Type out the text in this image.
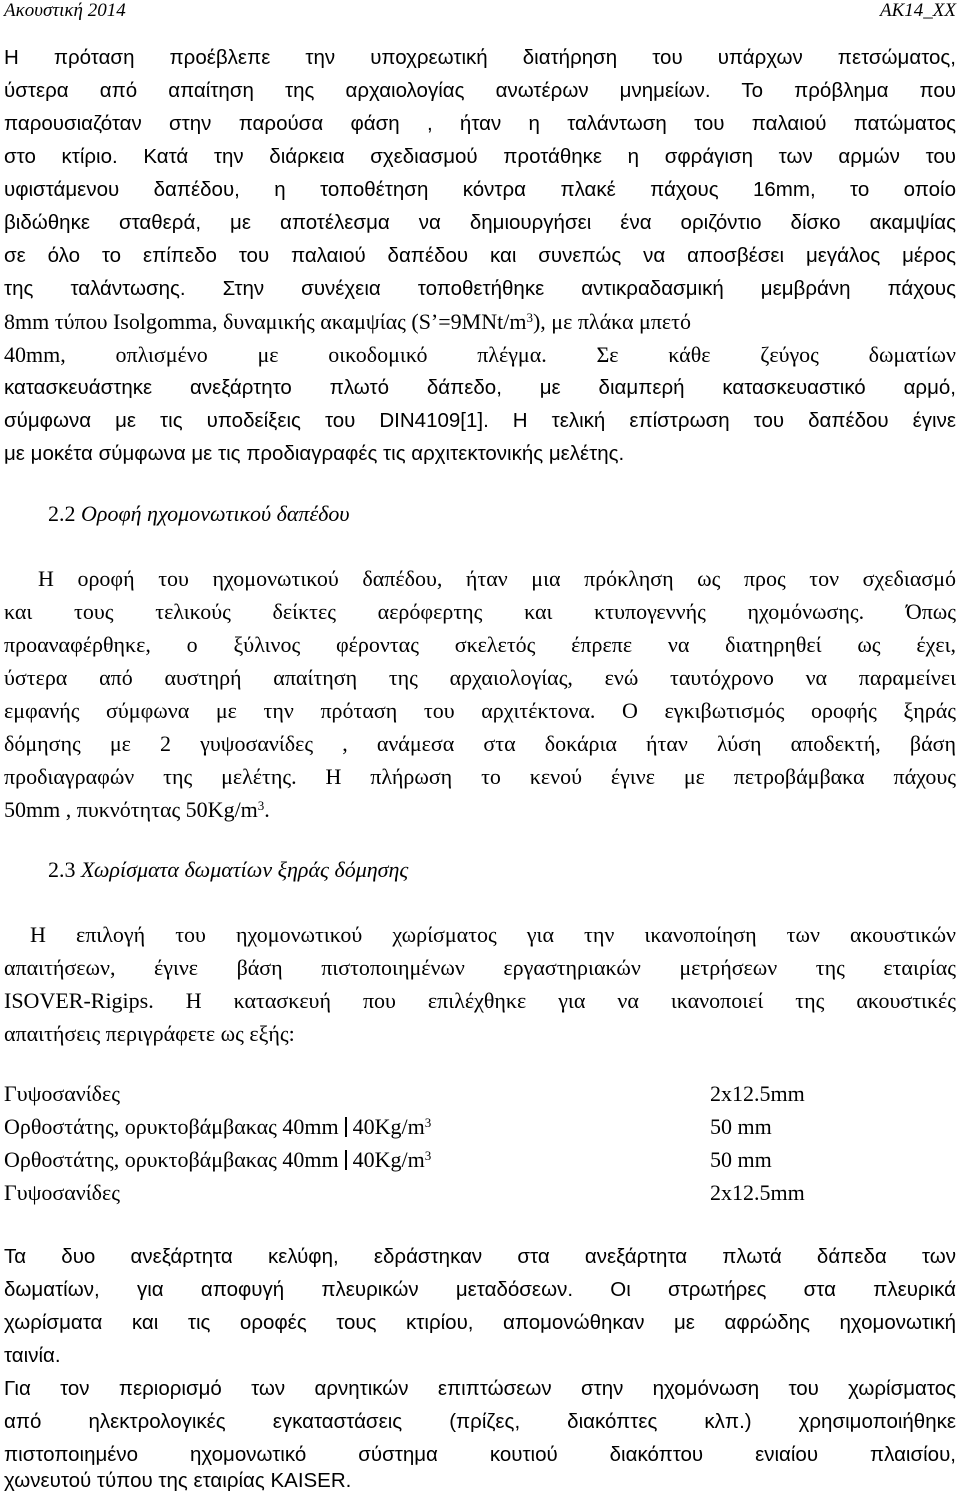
Ακουστική 2014	ΑΚ14_XX
Η πρόταση προέβλεπε την υποχρεωτική διατήρηση του υπάρχων πετσώματος,
ύστερα από απαίτηση της αρχαιολογίας ανωτέρων μνημείων. Το πρόβλημα που
παρουσιαζόταν στην παρούσα φάση , ήταν η ταλάντωση του παλαιού πατώματος
στο κτίριο. Κατά την διάρκεια σχεδιασμού προτάθηκε η σφράγιση των αρμών του
υφιστάμενου δαπέδου, η τοποθέτηση κόντρα πλακέ πάχους 16mm, το οποίο
βιδώθηκε σταθερά, με αποτέλεσμα να δημιουργήσει ένα οριζόντιο δίσκο ακαμψίας
σε όλο το επίπεδο του παλαιού δαπέδου και συνεπώς να αποσβέσει μεγάλος μέρος
της ταλάντωσης. Στην συνέχεια τοποθετήθηκε αντικραδασμική μεμβράνη πάχους
8mm τύπου Isolgomma, δυναμικής ακαμψίας $(S’=9MNt/m^3)$, με πλάκα μπετό
40mm, οπλισμένο με οικοδομικό πλέγμα. Σε κάθε ζεύγος δωματίων
κατασκευάστηκε ανεξάρτητο πλωτό δάπεδο, με διαμπερή κατασκευαστικό αρμό,
σύμφωνα με τις υποδείξεις του DIN4109[1]. Η τελική επίστρωση του δαπέδου έγινε
με μοκέτα σύμφωνα με τις προδιαγραφές τις αρχιτεκτονικής μελέτης.
2.2 Οροφή ηχομονωτικού δαπέδου
Η οροφή του ηχομονωτικού δαπέδου, ήταν μια πρόκληση ως προς τον σχεδιασμό
και τους τελικούς δείκτες αερόφερτης και κτυπογεννής ηχομόνωσης. Όπως
προαναφέρθηκε, ο ξύλινος φέροντας σκελετός έπρεπε να διατηρηθεί ως έχει,
ύστερα από αυστηρή απαίτηση της αρχαιολογίας, ενώ ταυτόχρονο να παραμείνει
εμφανής σύμφωνα με την πρόταση του αρχιτέκτονα. Ο εγκιβωτισμός οροφής ξηράς
δόμησης με 2 γυψοσανίδες , ανάμεσα στα δοκάρια ήταν λύση αποδεκτή, βάση
προδιαγραφών της μελέτης. Η πλήρωση το κενού έγινε με πετροβάμβακα πάχους
50mm , πυκνότητας $50Kg/m^3$.
2.3 Χωρίσματα δωματίων ξηράς δόμησης
Η επιλογή του ηχομονωτικού χωρίσματος για την ικανοποίηση των ακουστικών
απαιτήσεων, έγινε βάση πιστοποιημένων εργαστηριακών μετρήσεων της εταιρίας
ISOVER-Rigips. Η κατασκευή που επιλέχθηκε για να ικανοποιεί της ακουστικές
απαιτήσεις περιγράφετε ως εξής:
Γυψοσανίδες	2x12.5mm
Ορθοστάτης, ορυκτοβάμβακας 40mm $40Kg/m^3$	50 mm
Ορθοστάτης, ορυκτοβάμβακας 40mm $40Kg/m^3$	50 mm
Γυψοσανίδες	2x12.5mm
Τα δυο ανεξάρτητα κελύφη, εδράστηκαν στα ανεξάρτητα πλωτά δάπεδα των
δωματίων, για αποφυγή πλευρικών μεταδόσεων. Οι στρωτήρες στα πλευρικά
χωρίσματα και τις οροφές τους κτιρίου, απομονώθηκαν με αφρώδης ηχομονωτική
ταινία.
Για τον περιορισμό των αρνητικών επιπτώσεων στην ηχομόνωση του χωρίσματος
από ηλεκτρολογικές εγκαταστάσεις (πρίζες, διακόπτες κλπ.) χρησιμοποιήθηκε
πιστοποιημένο ηχομονωτικό σύστημα κουτιού διακόπτου ενιαίου πλαισίου,
χωνευτού τύπου της εταιρίας KAISER.
